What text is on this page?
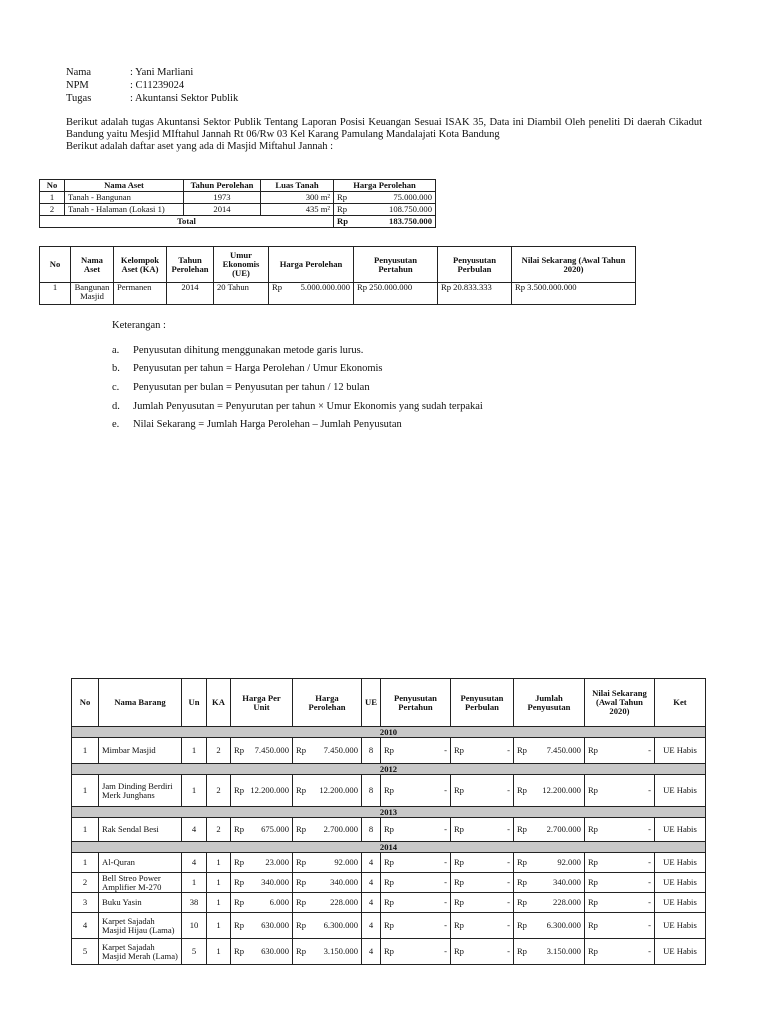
Nama	: Yani Marliani
NPM	: C11239024
Tugas	: Akuntansi Sektor Publik
Berikut adalah tugas Akuntansi Sektor Publik Tentang Laporan Posisi Keuangan Sesuai ISAK 35, Data ini Diambil Oleh peneliti Di daerah Cikadut Bandung yaitu Mesjid MIftahul Jannah Rt 06/Rw 03 Kel Karang Pamulang Mandalajati Kota Bandung
Berikut adalah daftar aset yang ada di Masjid Miftahul Jannah :
No	Nama Aset	Tahun Perolehan	Luas Tanah	Harga Perolehan	
1	Tanah - Bangunan	1973	300 m²	Rp	75.000.000
2	Tanah - Halaman (Lokasi 1)	2014	435 m²	Rp	108.750.000
Total				Rp	183.750.000
No	Nama Aset	Kelompok Aset (KA)	Tahun Perolehan	Umur Ekonomis (UE)	Harga Perolehan	Penyusutan Pertahun	Penyusutan Perbulan	Nilai Sekarang (Awal Tahun 2020)
1	Bangunan Masjid	Permanen	2014	20 Tahun	Rp 5.000.000.000	Rp 250.000.000	Rp 20.833.333	Rp 3.500.000.000
Keterangan :
a. Penyusutan dihitung menggunakan metode garis lurus.
b. Penyusutan per tahun = Harga Perolehan / Umur Ekonomis
c. Penyusutan per bulan = Penyusutan per tahun / 12 bulan
d. Jumlah Penyusutan = Penyurutan per tahun × Umur Ekonomis yang sudah terpakai
e. Nilai Sekarang = Jumlah Harga Perolehan – Jumlah Penyusutan
No	Nama Barang	Un	KA	Harga Per Unit	Harga Perolehan	UE	Penyusutan Pertahun	Penyusutan Perbulan	Jumlah Penyusutan	Nilai Sekarang (Awal Tahun 2020)	Ket
2010											
1	Mimbar Masjid	1	2	Rp 7.450.000	Rp 7.450.000	8	Rp -	Rp -	Rp 7.450.000	Rp -	UE Habis
2012											
1	Jam Dinding Berdiri Merk Junghans	1	2	Rp 12.200.000	Rp 12.200.000	8	Rp -	Rp -	Rp 12.200.000	Rp -	UE Habis
2013											
1	Rak Sendal Besi	4	2	Rp 675.000	Rp 2.700.000	8	Rp -	Rp -	Rp 2.700.000	Rp -	UE Habis
2014											
1	Al-Quran	4	1	Rp 23.000	Rp 92.000	4	Rp -	Rp -	Rp 92.000	Rp -	UE Habis
2	Bell Streo Power Amplifier M-270	1	1	Rp 340.000	Rp 340.000	4	Rp -	Rp -	Rp 340.000	Rp -	UE Habis
3	Buku Yasin	38	1	Rp 6.000	Rp 228.000	4	Rp -	Rp -	Rp 228.000	Rp -	UE Habis
4	Karpet Sajadah Masjid Hijau (Lama)	10	1	Rp 630.000	Rp 6.300.000	4	Rp -	Rp -	Rp 6.300.000	Rp -	UE Habis
5	Karpet Sajadah Masjid Merah (Lama)	5	1	Rp 630.000	Rp 3.150.000	4	Rp -	Rp -	Rp 3.150.000	Rp -	UE Habis
